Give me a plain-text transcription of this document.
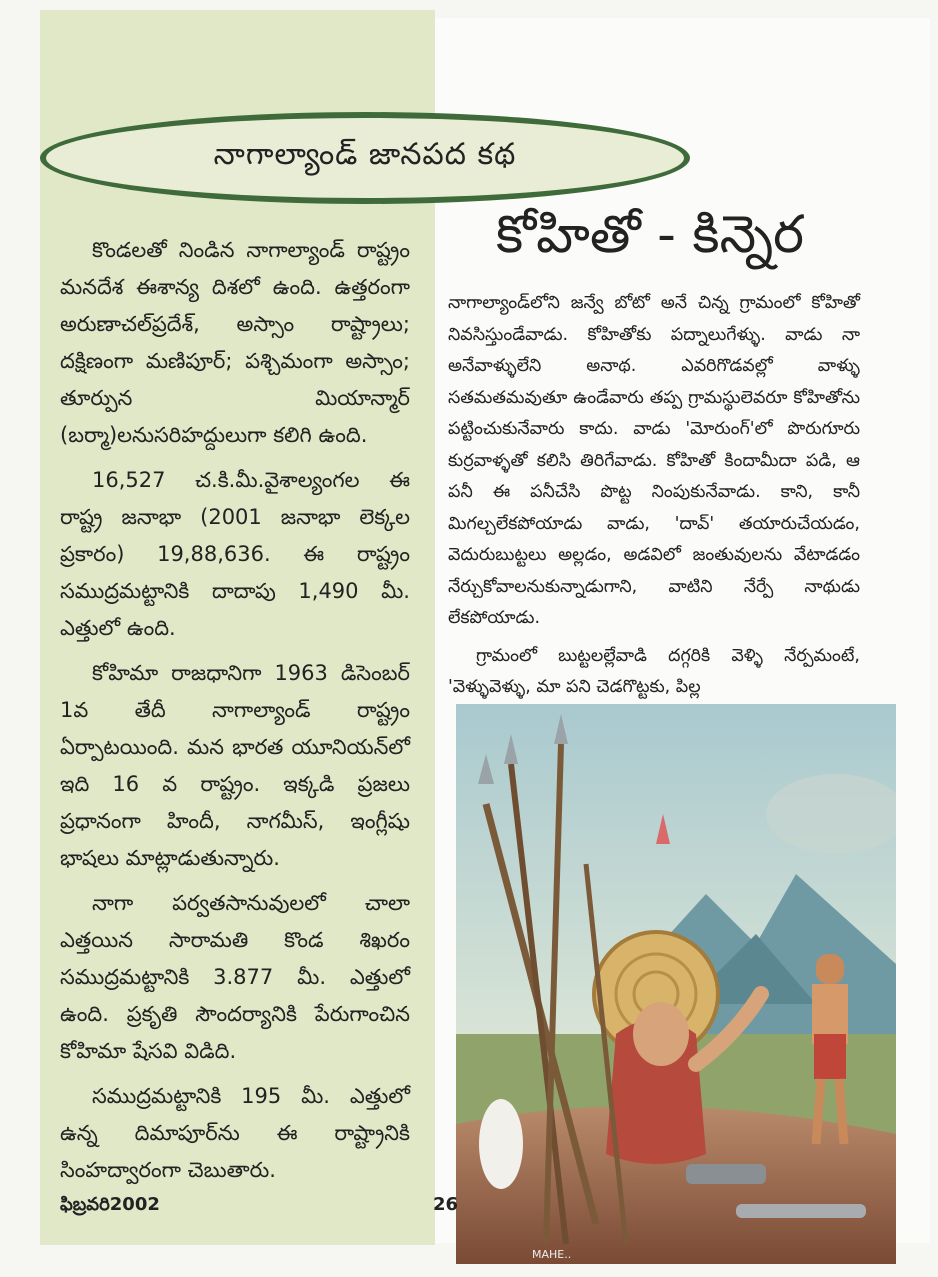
నాగాల్యాండ్ జానపద కథ
కోహితో - కిన్నెర

కొండలతో నిండిన నాగాల్యాండ్ రాష్ట్రం మనదేశ ఈశాన్య దిశలో ఉంది. ఉత్తరంగా అరుణాచల్‌ప్రదేశ్, అస్సాం రాష్ట్రాలు; దక్షిణంగా మణిపూర్; పశ్చిమంగా అస్సాం; తూర్పున మియాన్మార్ (బర్మా)లనుసరిహద్దులుగా కలిగి ఉంది.

16,527 చ.కి.మీ.వైశాల్యంగల ఈ రాష్ట్ర జనాభా (2001 జనాభా లెక్కల ప్రకారం) 19,88,636. ఈ రాష్ట్రం సముద్రమట్టానికి దాదాపు 1,490 మీ. ఎత్తులో ఉంది.

కోహిమా రాజధానిగా 1963 డిసెంబర్ 1వ తేదీ నాగాల్యాండ్ రాష్ట్రం ఏర్పాటయింది. మన భారత యూనియన్‌లో ఇది 16 వ రాష్ట్రం. ఇక్కడి ప్రజలు ప్రధానంగా హిందీ, నాగమీస్, ఇంగ్లీషు భాషలు మాట్లాడుతున్నారు.

నాగా పర్వతసానువులలో చాలా ఎత్తయిన సారామతి కొండ శిఖరం సముద్రమట్టానికి 3.877 మీ. ఎత్తులో ఉంది. ప్రకృతి సౌందర్యానికి పేరుగాంచిన కోహిమా షేసవి విడిది.

సముద్రమట్టానికి 195 మీ. ఎత్తులో ఉన్న దిమాపూర్‌ను ఈ రాష్ట్రానికి సింహద్వారంగా చెబుతారు.

నాగాల్యాండ్‌లోని జన్వే బోటో అనే చిన్న గ్రామంలో కోహితో నివసిస్తుండేవాడు. కోహితోకు పద్నాలుగేళ్ళు. వాడు నా అనేవాళ్ళులేని అనాథ. ఎవరిగొడవల్లో వాళ్ళు సతమతమవుతూ ఉండేవారు తప్ప గ్రామస్థులెవరూ కోహితోను పట్టించుకునేవారు కాదు. వాడు 'మోరుంగ్'లో పొరుగూరు కుర్రవాళ్ళతో కలిసి తిరిగేవాడు. కోహితో కిందామీదా పడి, ఆ పనీ ఈ పనీచేసి పొట్ట నింపుకునేవాడు. కాని, కానీ మిగల్చలేకపోయాడు వాడు, 'దావ్' తయారుచేయడం, వెదురుబుట్టలు అల్లడం, అడవిలో జంతువులను వేటాడడం నేర్చుకోవాలనుకున్నాడుగాని, వాటిని నేర్పే నాథుడు లేకపోయాడు.

గ్రామంలో బుట్టలల్లేవాడి దగ్గరికి వెళ్ళి నేర్పమంటే, 'వెళ్ళువెళ్ళు, మా పని చెడగొట్టకు, పిల్ల

MAHE..
ఫిబ్రవరి2002	26
